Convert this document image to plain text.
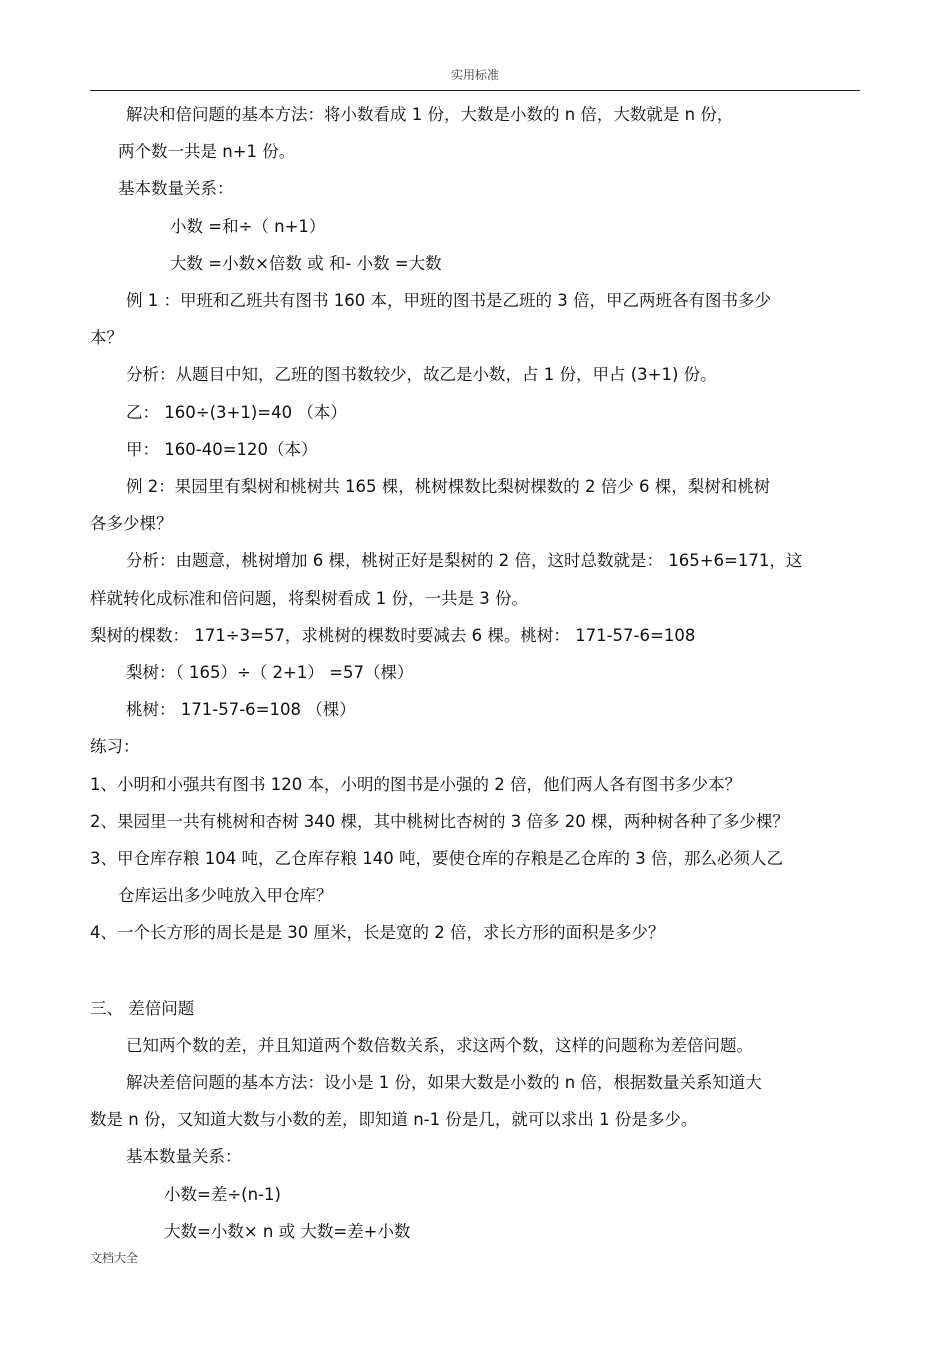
实用标准
解决和倍问题的基本方法：将小数看成 1 份，大数是小数的 n 倍，大数就是 n 份，
两个数一共是 n+1 份。
基本数量关系：
小数 =和÷（ n+1）
大数 =小数×倍数 或 和- 小数 =大数
例 1 ：甲班和乙班共有图书 160 本，甲班的图书是乙班的 3 倍，甲乙两班各有图书多少
本？
分析：从题目中知，乙班的图书数较少，故乙是小数，占 1 份，甲占 (3+1) 份。
乙： 160÷(3+1)=40 （本）
甲： 160-40=120（本）
例 2：果园里有梨树和桃树共 165 棵，桃树棵数比梨树棵数的 2 倍少 6 棵，梨树和桃树
各多少棵？
分析：由题意，桃树增加 6 棵，桃树正好是梨树的 2 倍，这时总数就是： 165+6=171，这
样就转化成标准和倍问题，将梨树看成 1 份，一共是 3 份。
梨树的棵数： 171÷3=57，求桃树的棵数时要减去 6 棵。桃树： 171-57-6=108
梨树：（ 165）÷（ 2+1） =57（棵）
桃树： 171-57-6=108 （棵）
练习：
1、小明和小强共有图书 120 本，小明的图书是小强的 2 倍，他们两人各有图书多少本？
2、果园里一共有桃树和杏树 340 棵，其中桃树比杏树的 3 倍多 20 棵，两种树各种了多少棵？
3、甲仓库存粮 104 吨，乙仓库存粮 140 吨，要使仓库的存粮是乙仓库的 3 倍，那么必须人乙
仓库运出多少吨放入甲仓库？
4、一个长方形的周长是是 30 厘米，长是宽的 2 倍，求长方形的面积是多少？
三、 差倍问题
已知两个数的差，并且知道两个数倍数关系，求这两个数，这样的问题称为差倍问题。
解决差倍问题的基本方法：设小是 1 份，如果大数是小数的 n 倍，根据数量关系知道大
数是 n 份，又知道大数与小数的差，即知道 n-1 份是几，就可以求出 1 份是多少。
基本数量关系：
小数=差÷(n-1)
大数=小数× n 或 大数=差+小数
文档大全
